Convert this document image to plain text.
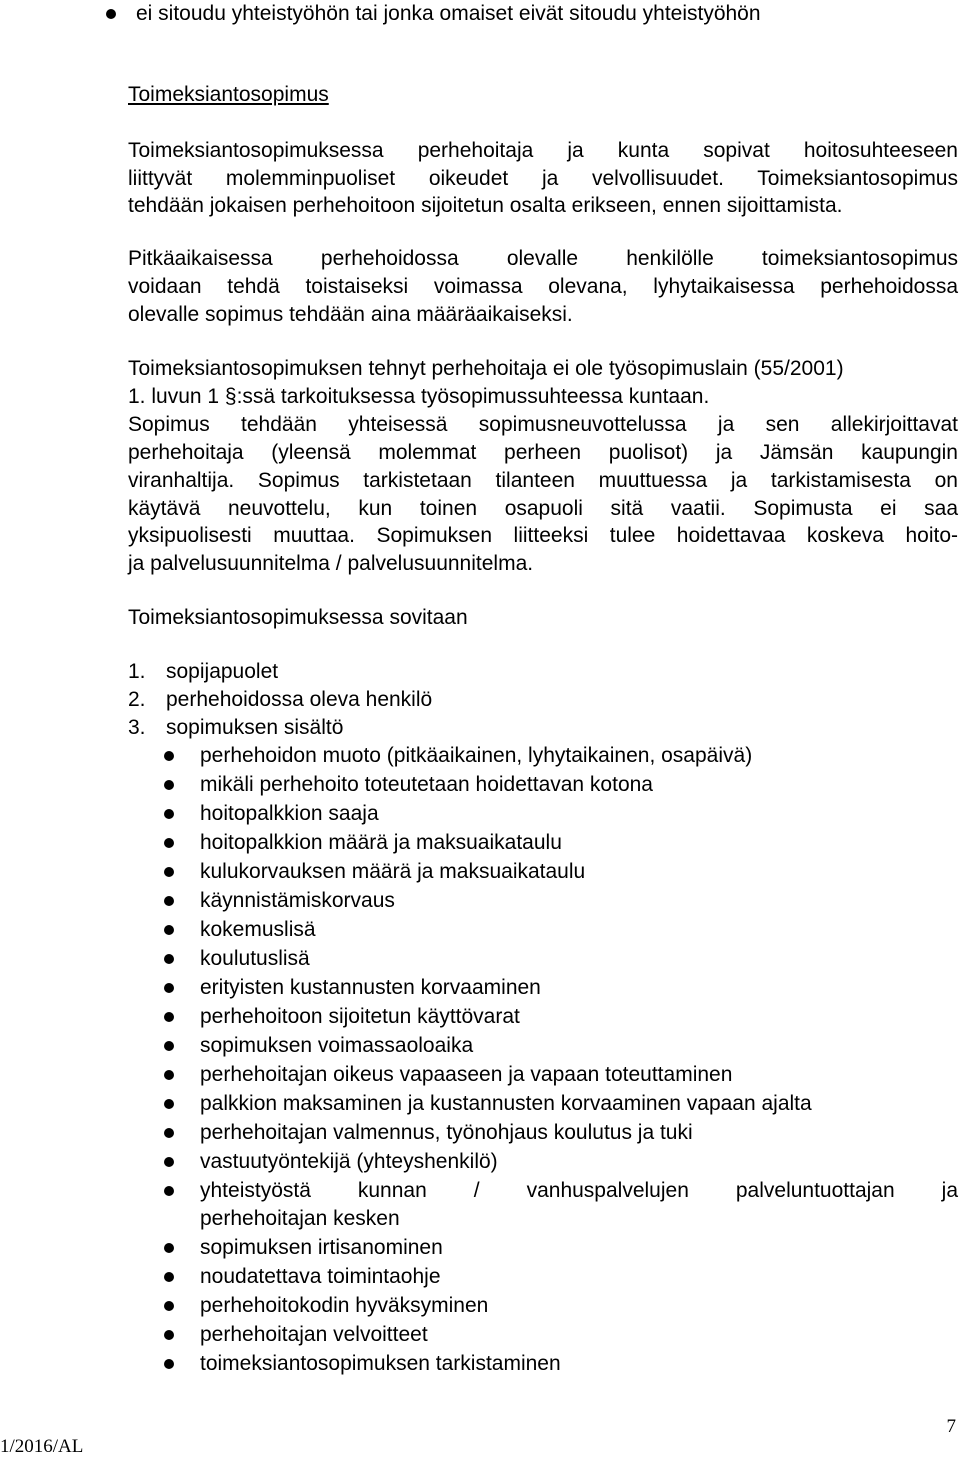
ei sitoudu yhteistyöhön tai jonka omaiset eivät sitoudu yhteistyöhön

Toimeksiantosopimus

Toimeksiantosopimuksessa perhehoitaja ja kunta sopivat hoitosuhteeseen

liittyvät molemminpuoliset oikeudet ja velvollisuudet. Toimeksiantosopimus

tehdään jokaisen perhehoitoon sijoitetun osalta erikseen, ennen sijoittamista.

Pitkäaikaisessa perhehoidossa olevalle henkilölle toimeksiantosopimus

voidaan tehdä toistaiseksi voimassa olevana, lyhytaikaisessa perhehoidossa

olevalle sopimus tehdään aina määräaikaiseksi.

Toimeksiantosopimuksen tehnyt perhehoitaja ei ole työsopimuslain (55/2001)

1. luvun 1 §:ssä tarkoituksessa työsopimussuhteessa kuntaan.

Sopimus tehdään yhteisessä sopimusneuvottelussa ja sen allekirjoittavat

perhehoitaja (yleensä molemmat perheen puolisot) ja Jämsän kaupungin

viranhaltija. Sopimus tarkistetaan tilanteen muuttuessa ja tarkistamisesta on

käytävä neuvottelu, kun toinen osapuoli sitä vaatii. Sopimusta ei saa

yksipuolisesti muuttaa. Sopimuksen liitteeksi tulee hoidettavaa koskeva hoito-

ja palvelusuunnitelma / palvelusuunnitelma.

Toimeksiantosopimuksessa sovitaan

1. sopijapuolet
2. perhehoidossa oleva henkilö
3. sopimuksen sisältö
perhehoidon muoto (pitkäaikainen, lyhytaikainen, osapäivä)
mikäli perhehoito toteutetaan hoidettavan kotona
hoitopalkkion saaja
hoitopalkkion määrä ja maksuaikataulu
kulukorvauksen määrä ja maksuaikataulu
käynnistämiskorvaus
kokemuslisä
koulutuslisä
erityisten kustannusten korvaaminen
perhehoitoon sijoitetun käyttövarat
sopimuksen voimassaoloaika
perhehoitajan oikeus vapaaseen ja vapaan toteuttaminen
palkkion maksaminen ja kustannusten korvaaminen vapaan ajalta
perhehoitajan valmennus, työnohjaus koulutus ja tuki
vastuutyöntekijä (yhteyshenkilö)
yhteistyöstä kunnan / vanhuspalvelujen palveluntuottajan ja
perhehoitajan kesken
sopimuksen irtisanominen
noudatettava toimintaohje
perhehoitokodin hyväksyminen
perhehoitajan velvoitteet
toimeksiantosopimuksen tarkistaminen
1/2016/AL
7
